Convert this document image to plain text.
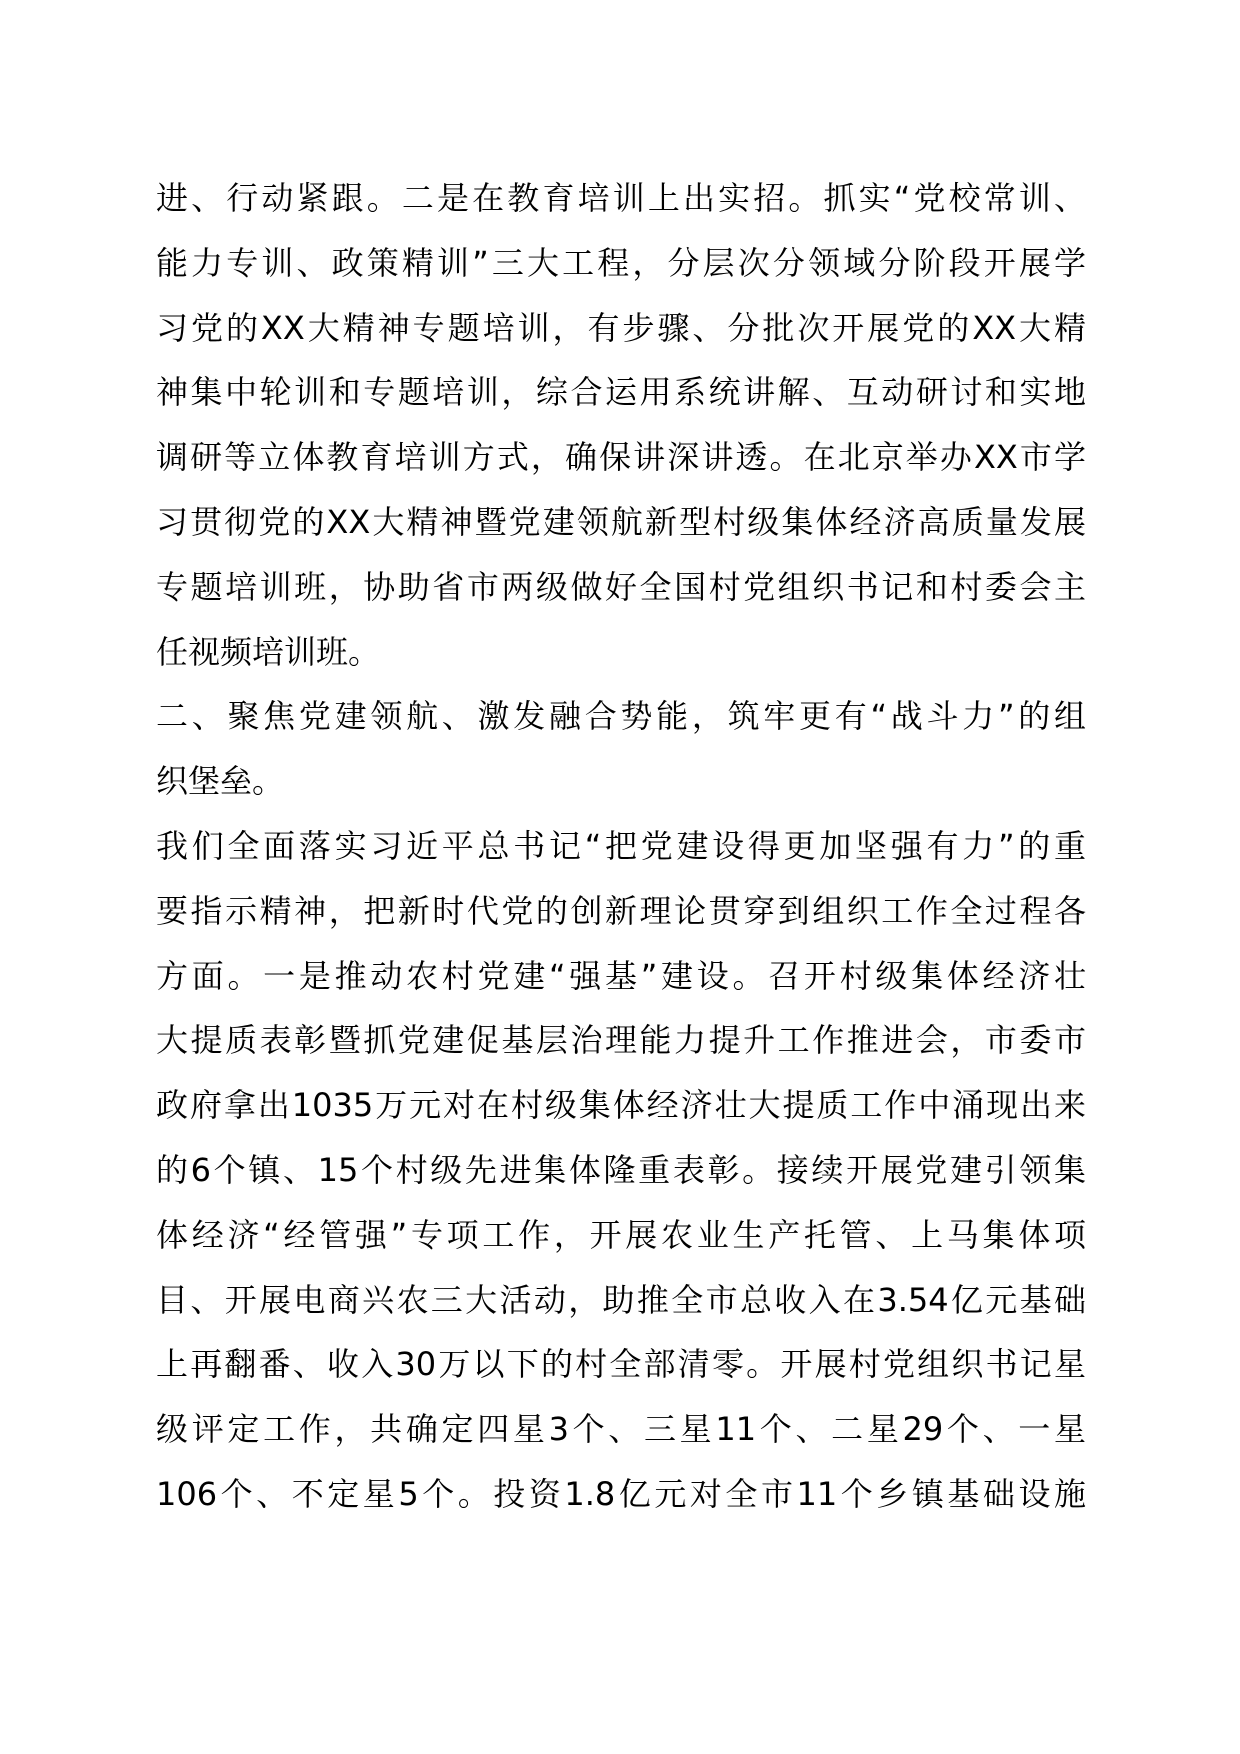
进、行动紧跟。二是在教育培训上出实招。抓实“党校常训、
能力专训、政策精训”三大工程，分层次分领域分阶段开展学
习党的XX大精神专题培训，有步骤、分批次开展党的XX大精
神集中轮训和专题培训，综合运用系统讲解、互动研讨和实地
调研等立体教育培训方式，确保讲深讲透。在北京举办XX市学
习贯彻党的XX大精神暨党建领航新型村级集体经济高质量发展
专题培训班，协助省市两级做好全国村党组织书记和村委会主
任视频培训班。
二、聚焦党建领航、激发融合势能，筑牢更有“战斗力”的组
织堡垒。
我们全面落实习近平总书记“把党建设得更加坚强有力”的重
要指示精神，把新时代党的创新理论贯穿到组织工作全过程各
方面。一是推动农村党建“强基”建设。召开村级集体经济壮
大提质表彰暨抓党建促基层治理能力提升工作推进会，市委市
政府拿出1035万元对在村级集体经济壮大提质工作中涌现出来
的6个镇、15个村级先进集体隆重表彰。接续开展党建引领集
体经济“经管强”专项工作，开展农业生产托管、上马集体项
目、开展电商兴农三大活动，助推全市总收入在3.54亿元基础
上再翻番、收入30万以下的村全部清零。开展村党组织书记星
级评定工作，共确定四星3个、三星11个、二星29个、一星
106个、不定星5个。投资1.8亿元对全市11个乡镇基础设施
